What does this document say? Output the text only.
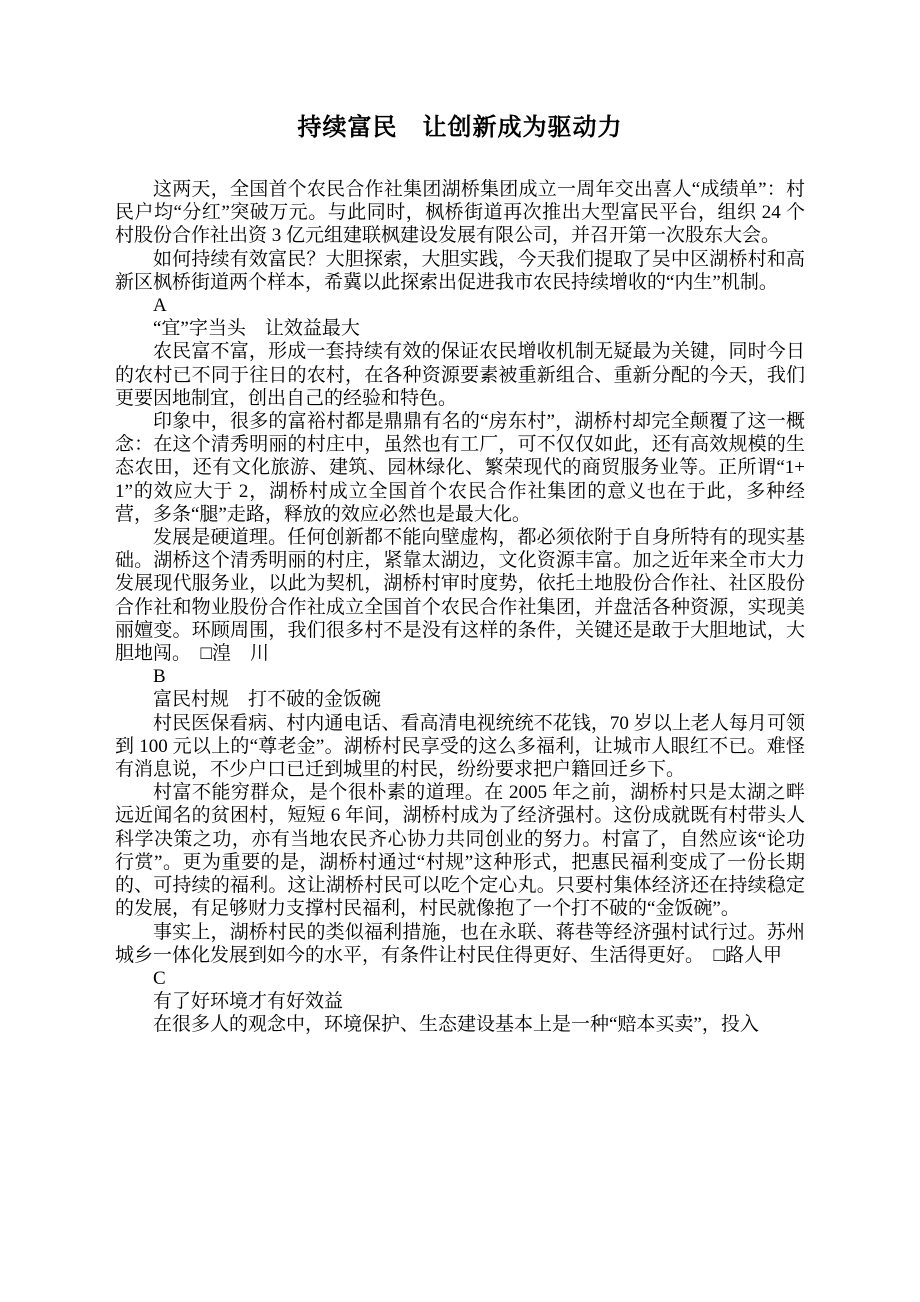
持续富民　让创新成为驱动力

这两天，全国首个农民合作社集团湖桥集团成立一周年交出喜人“成绩单”：村民户均“分红”突破万元。与此同时，枫桥街道再次推出大型富民平台，组织 24 个村股份合作社出资 3 亿元组建联枫建设发展有限公司，并召开第一次股东大会。

如何持续有效富民？大胆探索，大胆实践，今天我们提取了吴中区湖桥村和高新区枫桥街道两个样本，希冀以此探索出促进我市农民持续增收的“内生”机制。

A

“宜”字当头　让效益最大

农民富不富，形成一套持续有效的保证农民增收机制无疑最为关键，同时今日的农村已不同于往日的农村，在各种资源要素被重新组合、重新分配的今天，我们更要因地制宜，创出自己的经验和特色。

印象中，很多的富裕村都是鼎鼎有名的“房东村”，湖桥村却完全颠覆了这一概念：在这个清秀明丽的村庄中，虽然也有工厂，可不仅仅如此，还有高效规模的生态农田，还有文化旅游、建筑、园林绿化、繁荣现代的商贸服务业等。正所谓“1+1”的效应大于 2，湖桥村成立全国首个农民合作社集团的意义也在于此，多种经营，多条“腿”走路，释放的效应必然也是最大化。

发展是硬道理。任何创新都不能向壁虚构，都必须依附于自身所特有的现实基础。湖桥这个清秀明丽的村庄，紧靠太湖边，文化资源丰富。加之近年来全市大力发展现代服务业，以此为契机，湖桥村审时度势，依托土地股份合作社、社区股份合作社和物业股份合作社成立全国首个农民合作社集团，并盘活各种资源，实现美丽嬗变。环顾周围，我们很多村不是没有这样的条件，关键还是敢于大胆地试，大胆地闯。　□湟　川

B

富民村规　打不破的金饭碗

村民医保看病、村内通电话、看高清电视统统不花钱，70 岁以上老人每月可领到 100 元以上的“尊老金”。湖桥村民享受的这么多福利，让城市人眼红不已。难怪有消息说，不少户口已迁到城里的村民，纷纷要求把户籍回迁乡下。

村富不能穷群众，是个很朴素的道理。在 2005 年之前，湖桥村只是太湖之畔远近闻名的贫困村，短短 6 年间，湖桥村成为了经济强村。这份成就既有村带头人科学决策之功，亦有当地农民齐心协力共同创业的努力。村富了，自然应该“论功行赏”。更为重要的是，湖桥村通过“村规”这种形式，把惠民福利变成了一份长期的、可持续的福利。这让湖桥村民可以吃个定心丸。只要村集体经济还在持续稳定的发展，有足够财力支撑村民福利，村民就像抱了一个打不破的“金饭碗”。

事实上，湖桥村民的类似福利措施，也在永联、蒋巷等经济强村试行过。苏州城乡一体化发展到如今的水平，有条件让村民住得更好、生活得更好。　□路人甲

C

有了好环境才有好效益

在很多人的观念中，环境保护、生态建设基本上是一种“赔本买卖”，投入
